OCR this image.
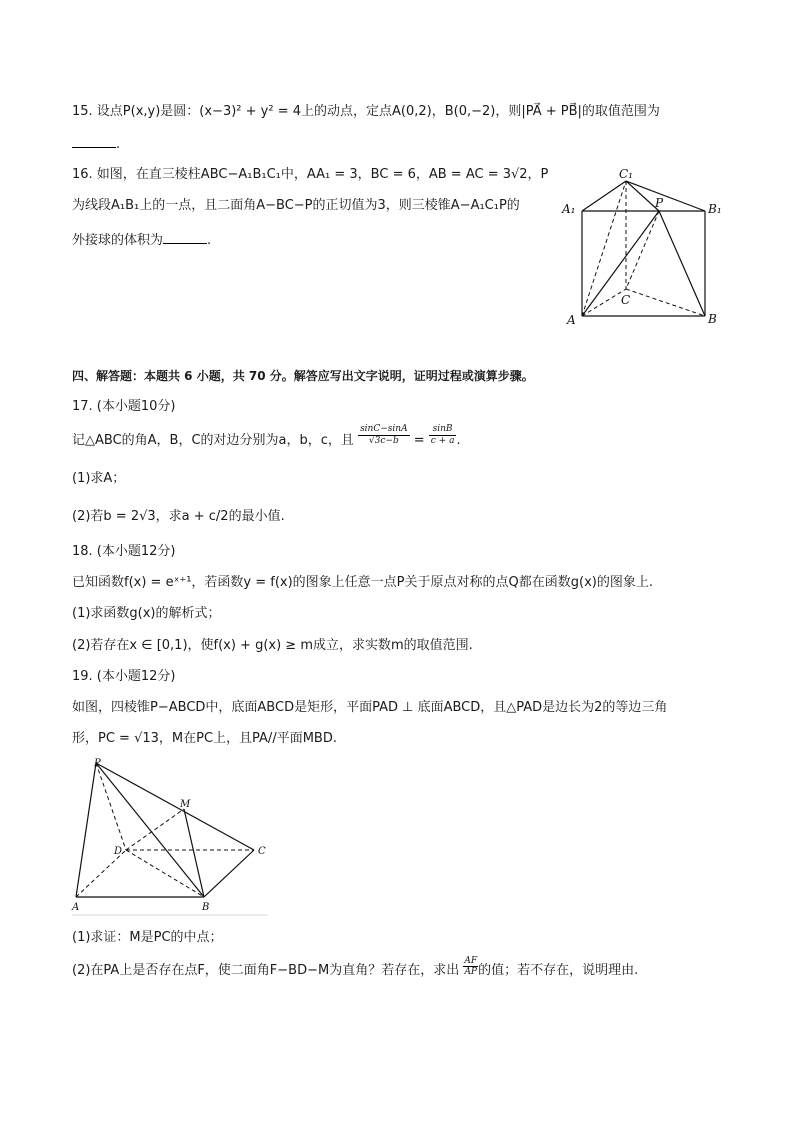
15. 设点P(x,y)是圆：(x−3)² + y² = 4上的动点，定点A(0,2)，B(0,−2)，则|PA⃗ + PB⃗|的取值范围为
.
16. 如图，在直三棱柱ABC−A₁B₁C₁中，AA₁ = 3，BC = 6，AB = AC = 3√2，P
为线段A₁B₁上的一点，且二面角A−BC−P的正切值为3，则三棱锥A−A₁C₁P的
外接球的体积为	.
C₁
A₁	P	B₁
C
A	B
四、解答题：本题共 6 小题，共 70 分。解答应写出文字说明，证明过程或演算步骤。
17. (本小题10分)
记△ABC的角A，B，C的对边分别为a，b，c，且 $\frac{\sin C-\sin A}{√3c-b} = \frac{\sin B}{c + a}$ .
(1)求A；
(2)若b = 2√3，求a + c/2的最小值.
18. (本小题12分)
已知函数f(x) = eˣ⁺¹，若函数y = f(x)的图象上任意一点P关于原点对称的点Q都在函数g(x)的图象上.
(1)求函数g(x)的解析式；
(2)若存在x ∈ [0,1)，使f(x) + g(x) ≥ m成立，求实数m的取值范围.
19. (本小题12分)
如图，四棱锥P−ABCD中，底面ABCD是矩形，平面PAD ⊥ 底面ABCD，且△PAD是边长为2的等边三角
形，PC = √13，M在PC上，且PA//平面MBD.
P
M
D	C
A	B
(1)求证：M是PC的中点；
(2)在PA上是否存在点F，使二面角F−BD−M为直角？若存在，求出 $\frac{AF}{AP}$ 的值；若不存在，说明理由.
